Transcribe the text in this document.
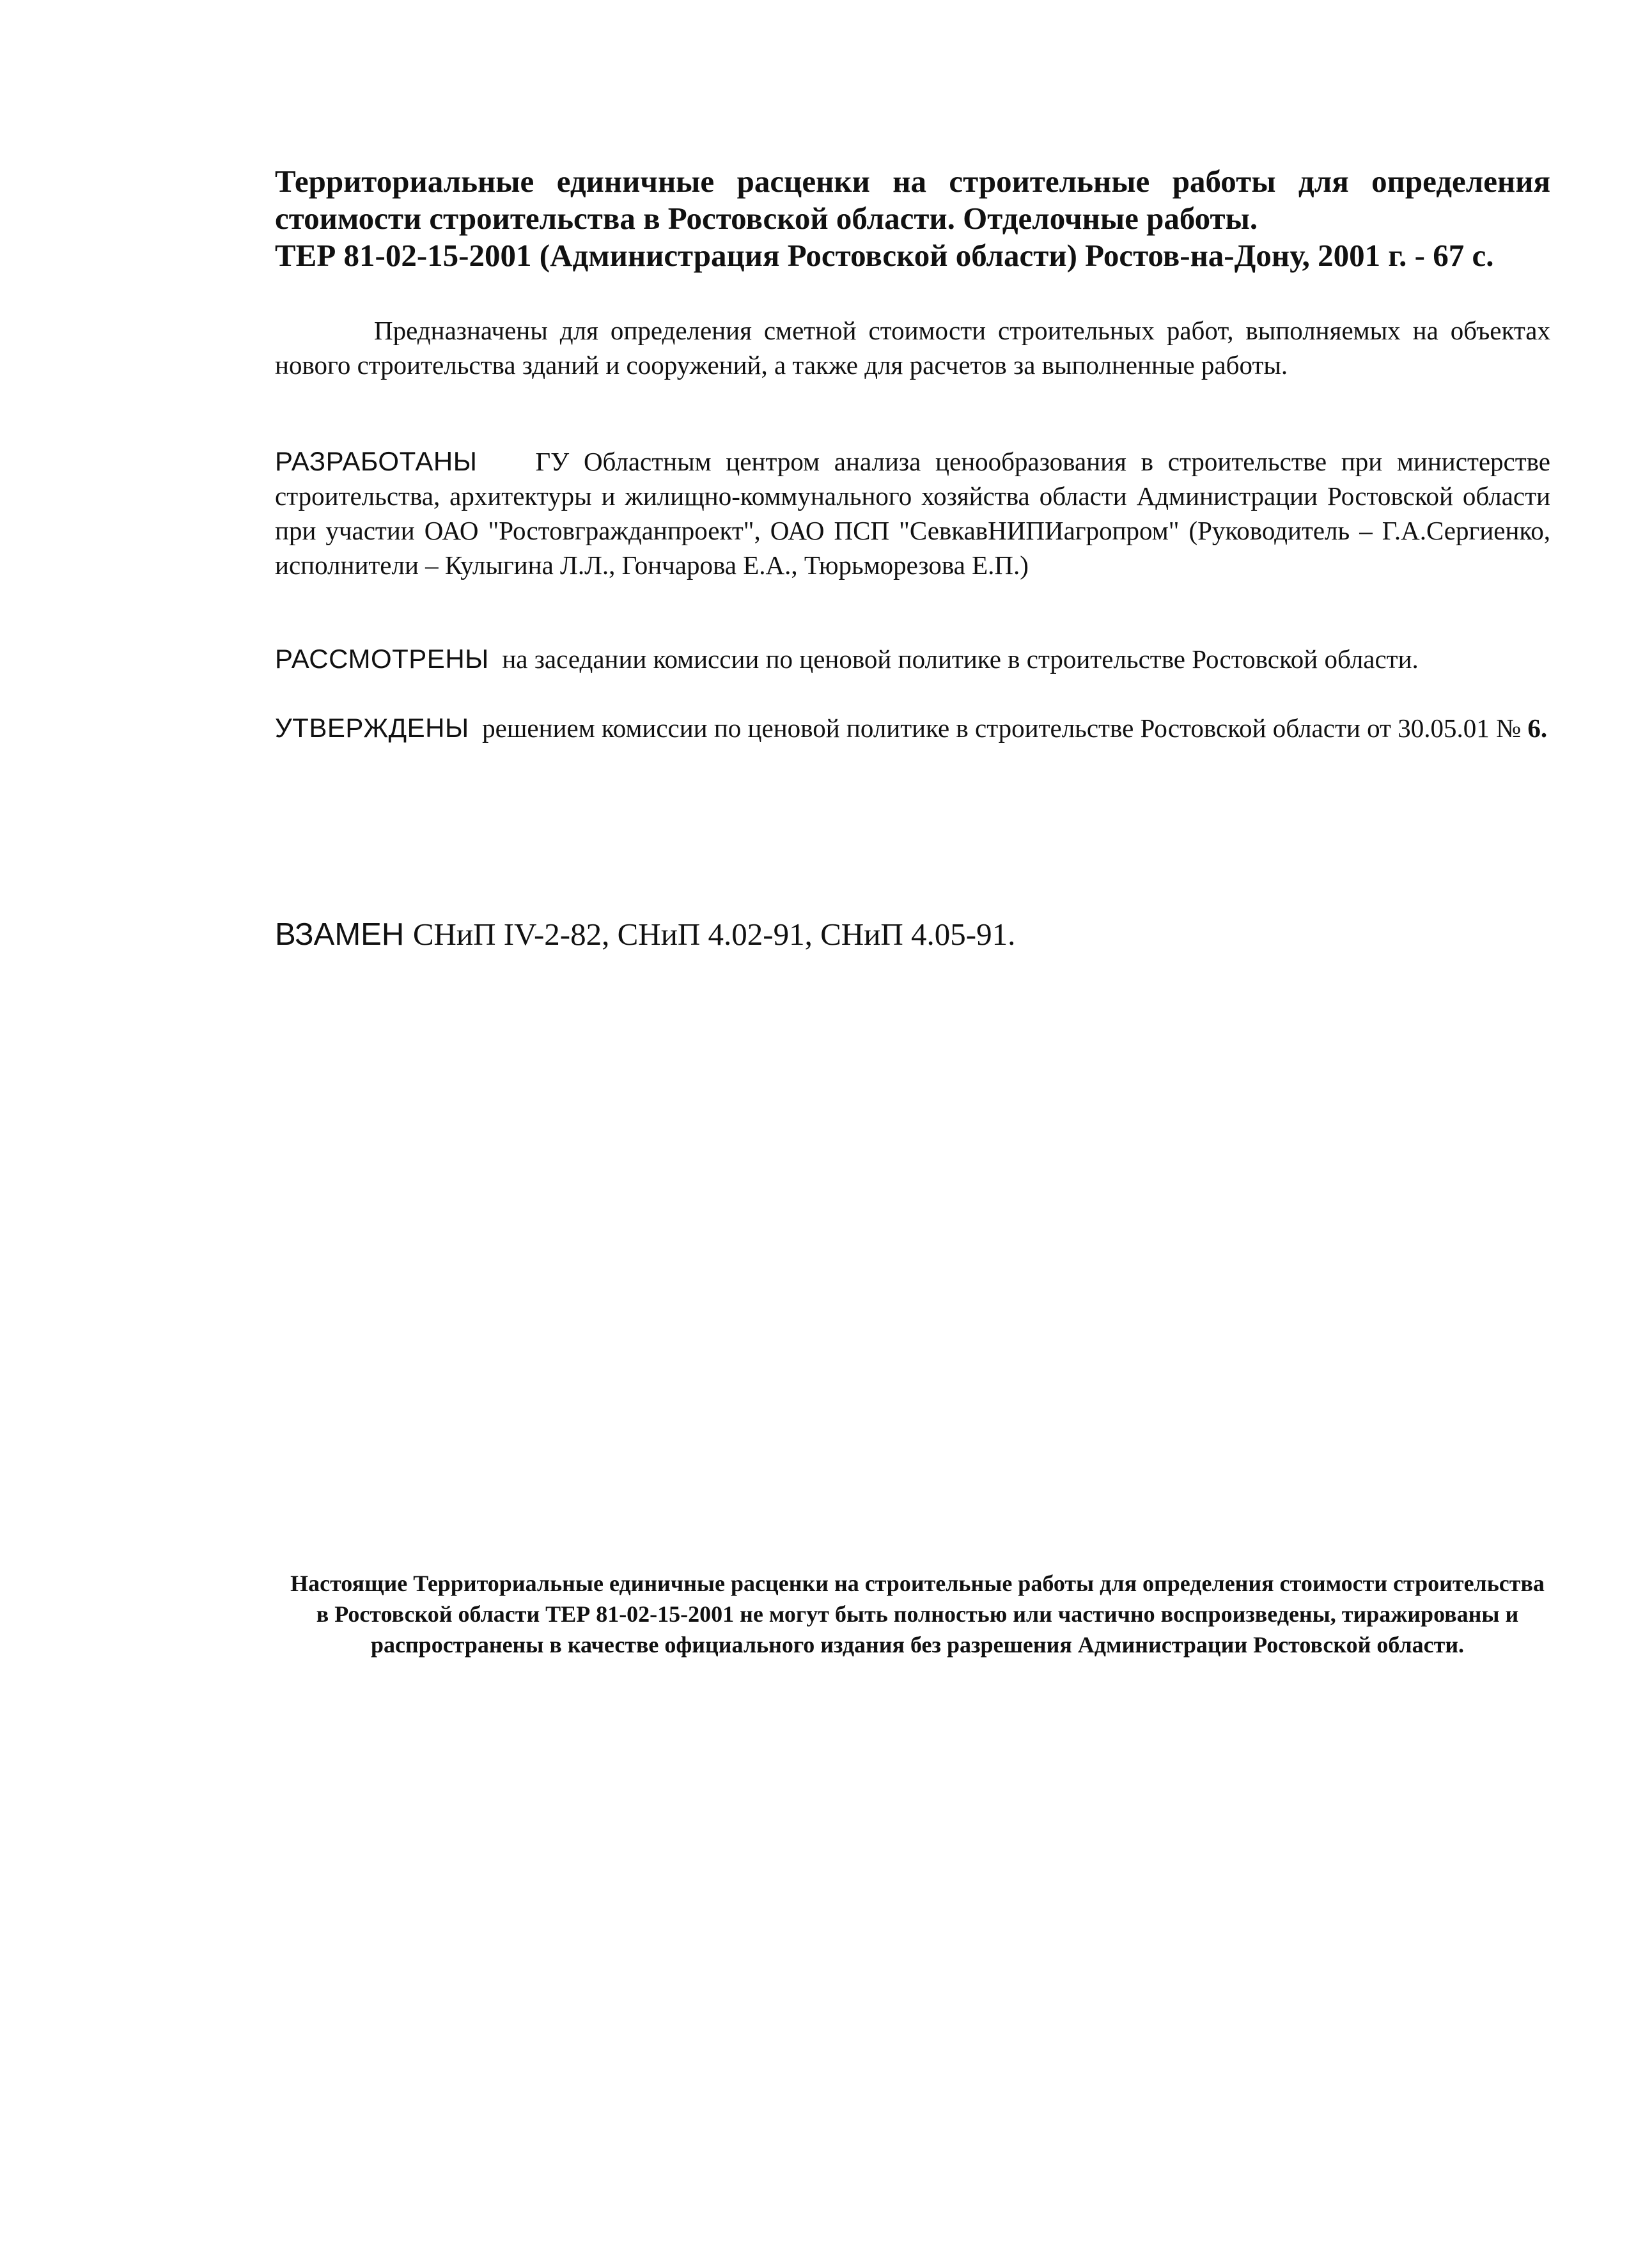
Территориальные единичные расценки на строительные работы для определения

стоимости строительства в Ростовской области. Отделочные работы.

ТЕР 81-02-15-2001 (Администрация Ростовской области) Ростов-на-Дону, 2001 г. - 67 с.

Предназначены для определения сметной стоимости строительных работ, выполняемых на объектах нового строительства зданий и сооружений, а также для расчетов за выполненные работы.

РАЗРАБОТАНЫ ГУ Областным центром анализа ценообразования в строительстве при министерстве строительства, архитектуры и жилищно-коммунального хозяйства области Администрации Ростовской области при участии ОАО "Ростовгражданпроект", ОАО ПСП "СевкавНИПИагропром" (Руководитель – Г.А.Сергиенко, исполнители – Кулыгина Л.Л., Гончарова Е.А., Тюрьморезова Е.П.)

РАССМОТРЕНЫ на заседании комиссии по ценовой политике в строительстве Ростовской области.

УТВЕРЖДЕНЫ решением комиссии по ценовой политике в строительстве Ростовской области от 30.05.01 № 6.

ВЗАМЕН СНиП IV-2-82, СНиП 4.02-91, СНиП 4.05-91.

Настоящие Территориальные единичные расценки на строительные работы для определения стоимости строительства в Ростовской области ТЕР 81-02-15-2001 не могут быть полностью или частично воспроизведены, тиражированы и распространены в качестве официального издания без разрешения Администрации Ростовской области.
